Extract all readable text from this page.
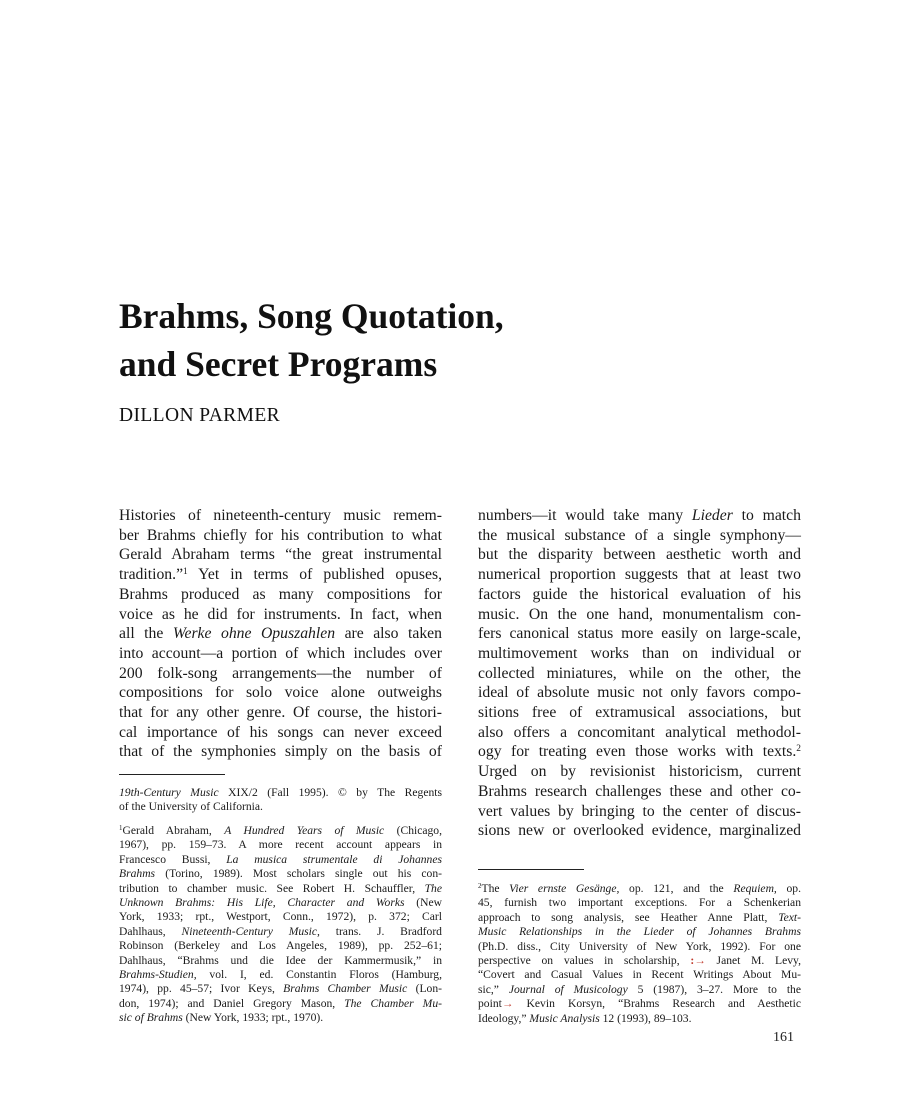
Brahms, Song Quotation,
and Secret Programs
DILLON PARMER

Histories of nineteenth-century music remem-
ber Brahms chiefly for his contribution to what
Gerald Abraham terms “the great instrumental
tradition.”$^1$ Yet in terms of published opuses,
Brahms produced as many compositions for
voice as he did for instruments. In fact, when
all the Werke ohne Opuszahlen are also taken
into account—a portion of which includes over
200 folk-song arrangements—the number of
compositions for solo voice alone outweighs
that for any other genre. Of course, the histori-
cal importance of his songs can never exceed
that of the symphonies simply on the basis of

numbers—it would take many Lieder to match
the musical substance of a single symphony—
but the disparity between aesthetic worth and
numerical proportion suggests that at least two
factors guide the historical evaluation of his
music. On the one hand, monumentalism con-
fers canonical status more easily on large-scale,
multimovement works than on individual or
collected miniatures, while on the other, the
ideal of absolute music not only favors compo-
sitions free of extramusical associations, but
also offers a concomitant analytical methodol-
ogy for treating even those works with texts.$^2$
Urged on by revisionist historicism, current
Brahms research challenges these and other co-
vert values by bringing to the center of discus-
sions new or overlooked evidence, marginalized

19th-Century Music XIX/2 (Fall 1995). © by The Regents
of the University of California.
$^1$Gerald Abraham, A Hundred Years of Music (Chicago,
1967), pp. 159–73. A more recent account appears in
Francesco Bussi, La musica strumentale di Johannes
Brahms (Torino, 1989). Most scholars single out his con-
tribution to chamber music. See Robert H. Schauffler, The
Unknown Brahms: His Life, Character and Works (New
York, 1933; rpt., Westport, Conn., 1972), p. 372; Carl
Dahlhaus, Nineteenth-Century Music, trans. J. Bradford
Robinson (Berkeley and Los Angeles, 1989), pp. 252–61;
Dahlhaus, “Brahms und die Idee der Kammermusik,” in
Brahms-Studien, vol. I, ed. Constantin Floros (Hamburg,
1974), pp. 45–57; Ivor Keys, Brahms Chamber Music (Lon-
don, 1974); and Daniel Gregory Mason, The Chamber Mu-
sic of Brahms (New York, 1933; rpt., 1970).
$^2$The Vier ernste Gesänge, op. 121, and the Requiem, op.
45, furnish two important exceptions. For a Schenkerian
approach to song analysis, see Heather Anne Platt, Text-
Music Relationships in the Lieder of Johannes Brahms
(Ph.D. diss., City University of New York, 1992). For one
perspective on values in scholarship, :→ Janet M. Levy,
“Covert and Casual Values in Recent Writings About Mu-
sic,” Journal of Musicology 5 (1987), 3–27. More to the
point→ Kevin Korsyn, “Brahms Research and Aesthetic
Ideology,” Music Analysis 12 (1993), 89–103.
161
